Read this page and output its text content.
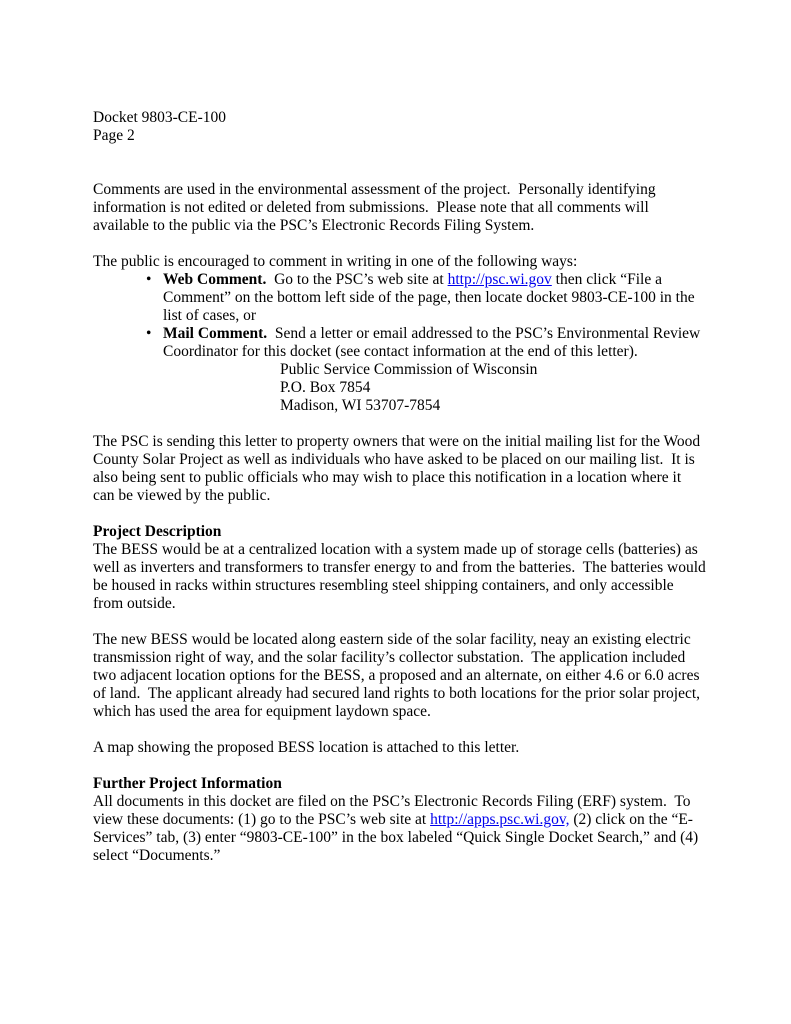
Docket 9803-CE-100
Page 2

Comments are used in the environmental assessment of the project.  Personally identifying information is not edited or deleted from submissions.  Please note that all comments will available to the public via the PSC’s Electronic Records Filing System.

The public is encouraged to comment in writing in one of the following ways:
• Web Comment.  Go to the PSC’s web site at http://psc.wi.gov then click “File a Comment” on the bottom left side of the page, then locate docket 9803-CE-100 in the list of cases, or
• Mail Comment.  Send a letter or email addressed to the PSC’s Environmental Review Coordinator for this docket (see contact information at the end of this letter).
Public Service Commission of Wisconsin
P.O. Box 7854
Madison, WI 53707-7854

The PSC is sending this letter to property owners that were on the initial mailing list for the Wood County Solar Project as well as individuals who have asked to be placed on our mailing list.  It is also being sent to public officials who may wish to place this notification in a location where it can be viewed by the public.

Project Description

The BESS would be at a centralized location with a system made up of storage cells (batteries) as well as inverters and transformers to transfer energy to and from the batteries.  The batteries would be housed in racks within structures resembling steel shipping containers, and only accessible from outside.

The new BESS would be located along eastern side of the solar facility, neay an existing electric transmission right of way, and the solar facility’s collector substation.  The application included two adjacent location options for the BESS, a proposed and an alternate, on either 4.6 or 6.0 acres of land.  The applicant already had secured land rights to both locations for the prior solar project, which has used the area for equipment laydown space.

A map showing the proposed BESS location is attached to this letter.

Further Project Information

All documents in this docket are filed on the PSC’s Electronic Records Filing (ERF) system.  To view these documents: (1) go to the PSC’s web site at http://apps.psc.wi.gov, (2) click on the “E-Services” tab, (3) enter “9803-CE-100” in the box labeled “Quick Single Docket Search,” and (4) select “Documents.”
